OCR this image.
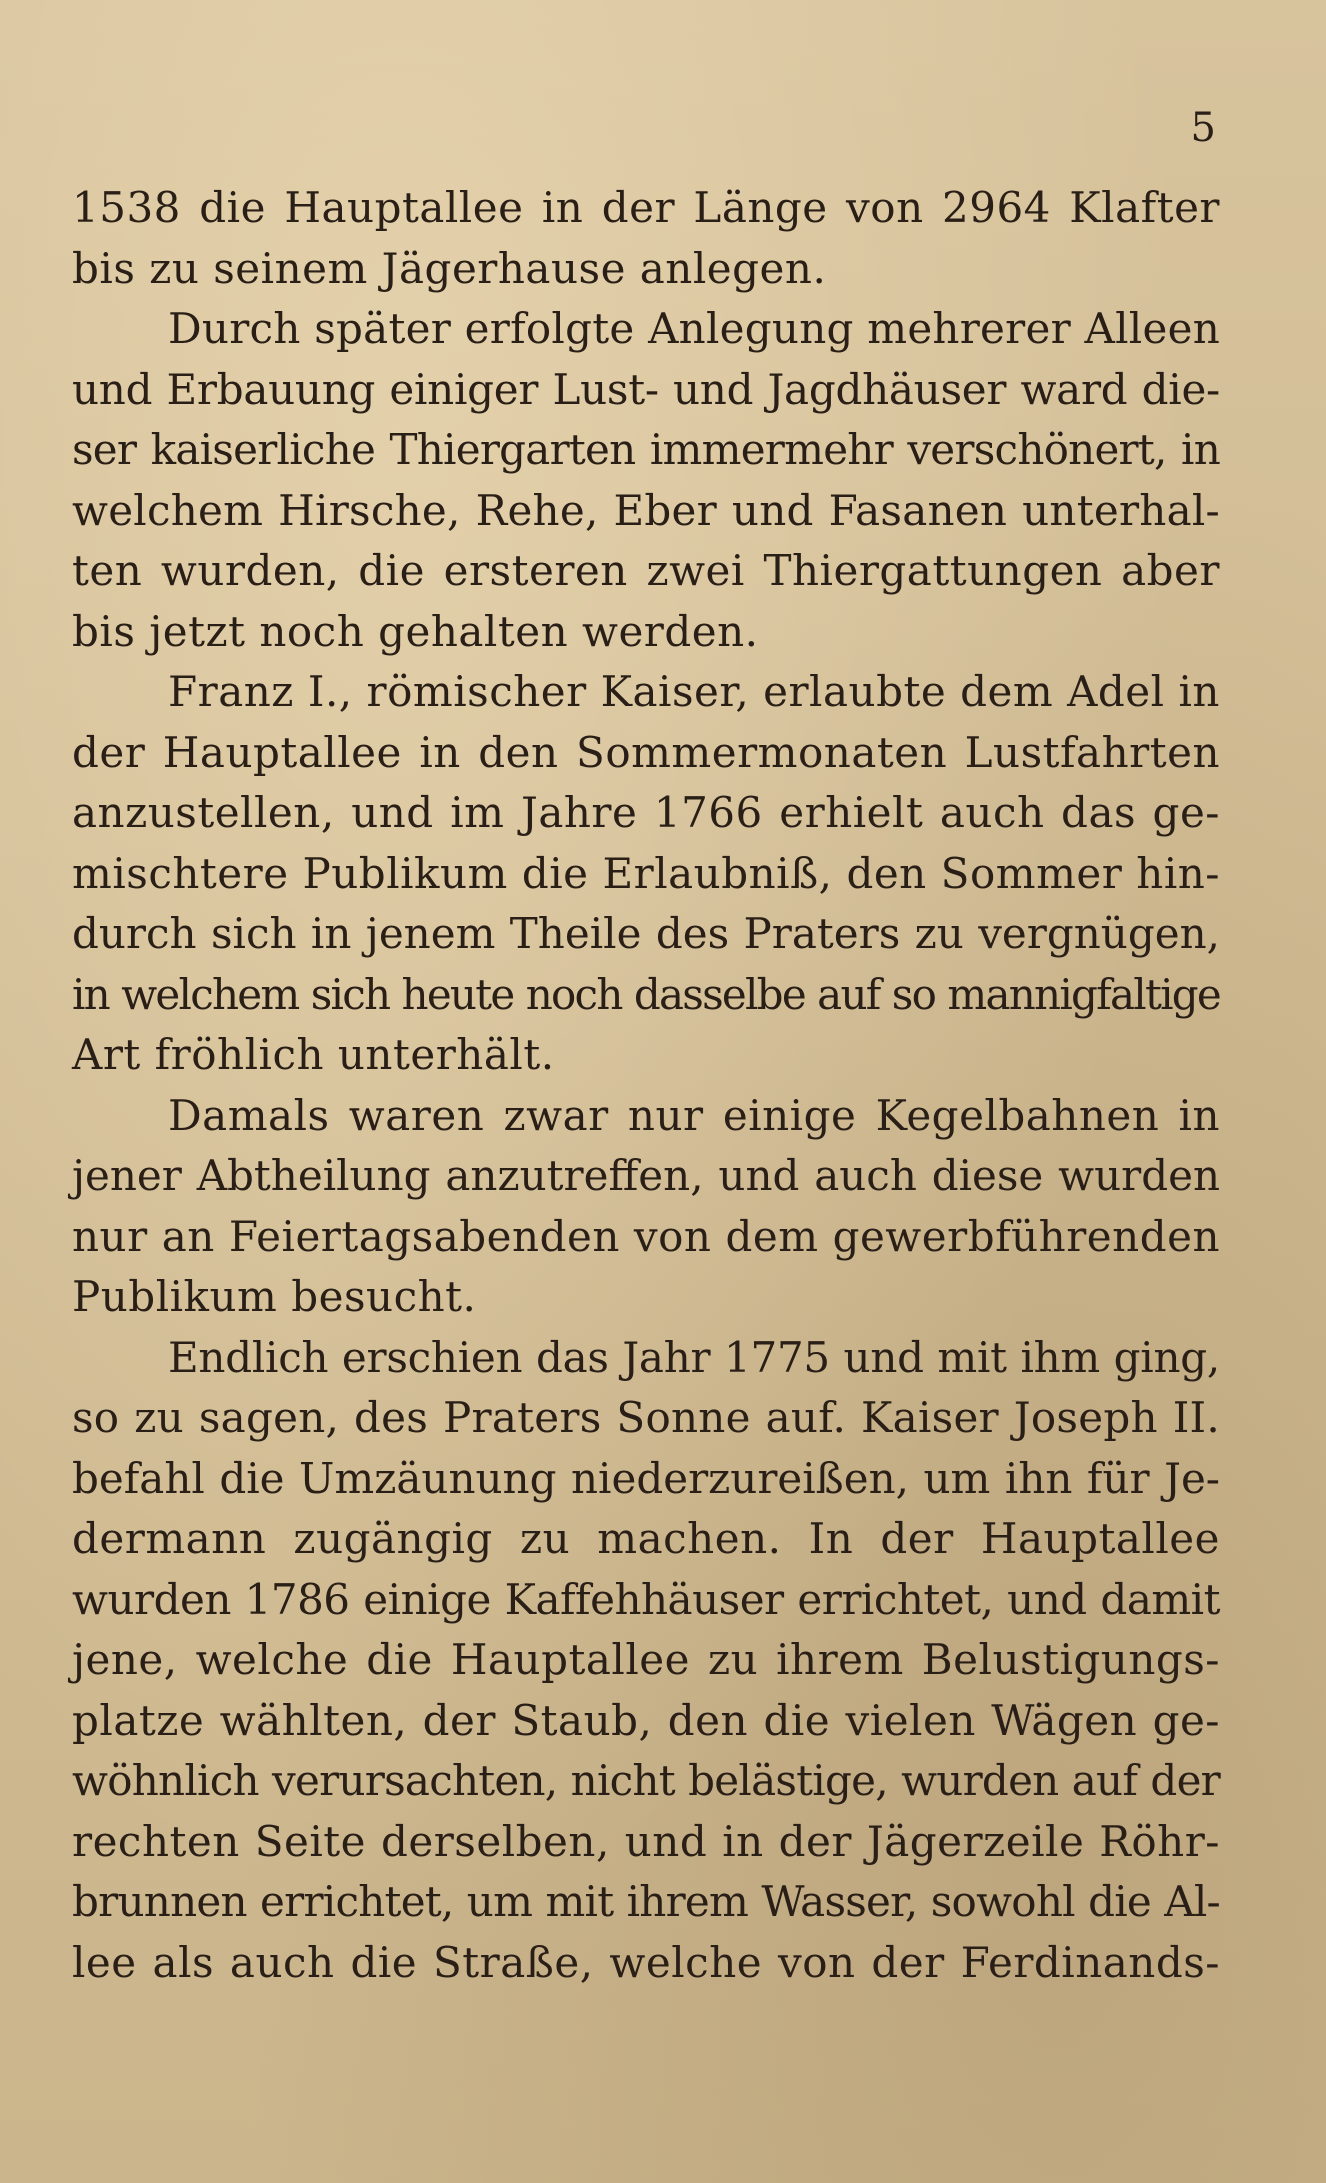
5
1538 die Hauptallee in der Länge von 2964 Klafter
bis zu seinem Jägerhause anlegen.
Durch später erfolgte Anlegung mehrerer Alleen
und Erbauung einiger Lust- und Jagdhäuser ward die-
ser kaiserliche Thiergarten immermehr verschönert, in
welchem Hirsche, Rehe, Eber und Fasanen unterhal-
ten wurden, die ersteren zwei Thiergattungen aber
bis jetzt noch gehalten werden.
Franz I., römischer Kaiser, erlaubte dem Adel in
der Hauptallee in den Sommermonaten Lustfahrten
anzustellen, und im Jahre 1766 erhielt auch das ge-
mischtere Publikum die Erlaubniß, den Sommer hin-
durch sich in jenem Theile des Praters zu vergnügen,
in welchem sich heute noch dasselbe auf so mannigfaltige
Art fröhlich unterhält.
Damals waren zwar nur einige Kegelbahnen in
jener Abtheilung anzutreffen, und auch diese wurden
nur an Feiertagsabenden von dem gewerbführenden
Publikum besucht.
Endlich erschien das Jahr 1775 und mit ihm ging,
so zu sagen, des Praters Sonne auf. Kaiser Joseph II.
befahl die Umzäunung niederzureißen, um ihn für Je-
dermann zugängig zu machen. In der Hauptallee
wurden 1786 einige Kaffehhäuser errichtet, und damit
jene, welche die Hauptallee zu ihrem Belustigungs-
platze wählten, der Staub, den die vielen Wägen ge-
wöhnlich verursachten, nicht belästige, wurden auf der
rechten Seite derselben, und in der Jägerzeile Röhr-
brunnen errichtet, um mit ihrem Wasser, sowohl die Al-
lee als auch die Straße, welche von der Ferdinands-
